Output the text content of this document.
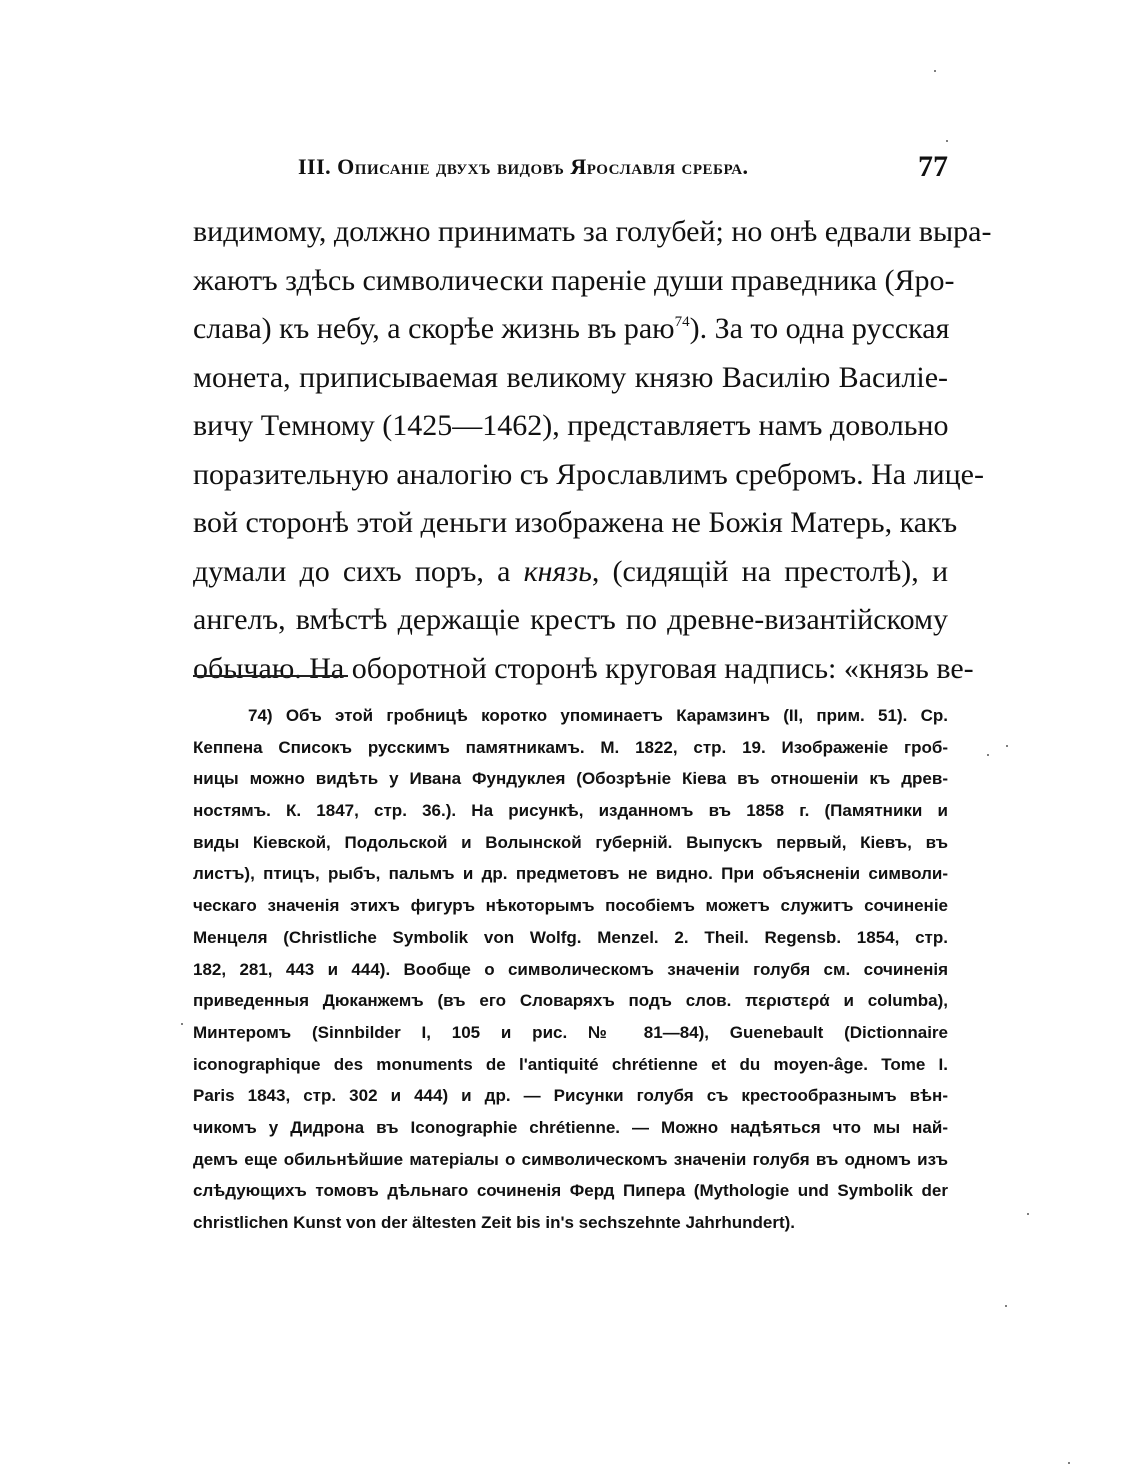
III. Описаніе двухъ видовъ Ярославля сребра.	77
видимому, должно принимать за голубей; но онѣ едвали выра-
жаютъ здѣсь символически пареніе души праведника (Яро-
слава) къ небу, а скорѣе жизнь въ раю$^{74}$). За то одна русская
монета, приписываемая великому князю Василію Василіе-
вичу Темному (1425—1462), представляетъ намъ довольно
поразительную аналогію съ Ярославлимъ сребромъ. На лице-
вой сторонѣ этой деньги изображена не Божія Матерь, какъ
думали до сихъ поръ, а князь, (сидящій на престолѣ), и
ангелъ, вмѣстѣ держащіе крестъ по древне-византійскому
обычаю. На оборотной сторонѣ круговая надпись: «князь ве-
74) Объ этой гробницѣ коротко упоминаетъ Карамзинъ (II, прим. 51). Ср.
Кеппена Списокъ русскимъ памятникамъ. М. 1822, стр. 19. Изображеніе гроб-
ницы можно видѣть у Ивана Фундуклея (Обозрѣніе Кіева въ отношеніи къ древ-
ностямъ. К. 1847, стр. 36.). На рисункѣ, изданномъ въ 1858 г. (Памятники и
виды Кіевской, Подольской и Волынской губерній. Выпускъ первый, Кіевъ, въ
листъ), птицъ, рыбъ, пальмъ и др. предметовъ не видно. При объясненіи символи-
ческаго значенія этихъ фигуръ нѣкоторымъ пособіемъ можетъ служитъ сочиненіе
Менцеля (Christliche Symbolik von Wolfg. Menzel. 2. Theil. Regensb. 1854, стр.
182, 281, 443 и 444). Вообще о символическомъ значеніи голубя см. сочиненія
приведенныя Дюканжемъ (въ его Словаряхъ подъ слов. περιστερά и columba),
Минтеромъ (Sinnbilder I, 105 и рис. № 81—84), Guenebault (Dictionnaire
iconographique des monuments de l'antiquité chrétienne et du moyen-âge. Tome I.
Paris 1843, стр. 302 и 444) и др. — Рисунки голубя съ крестообразнымъ вѣн-
чикомъ у Дидрона въ Iconographie chrétienne. — Можно надѣяться что мы най-
демъ еще обильнѣйшие матеріалы о символическомъ значеніи голубя въ одномъ изъ
слѣдующихъ томовъ дѣльнаго сочиненія Ферд Пипера (Mythologie und Symbolik der
christlichen Kunst von der ältesten Zeit bis in's sechszehnte Jahrhundert).
